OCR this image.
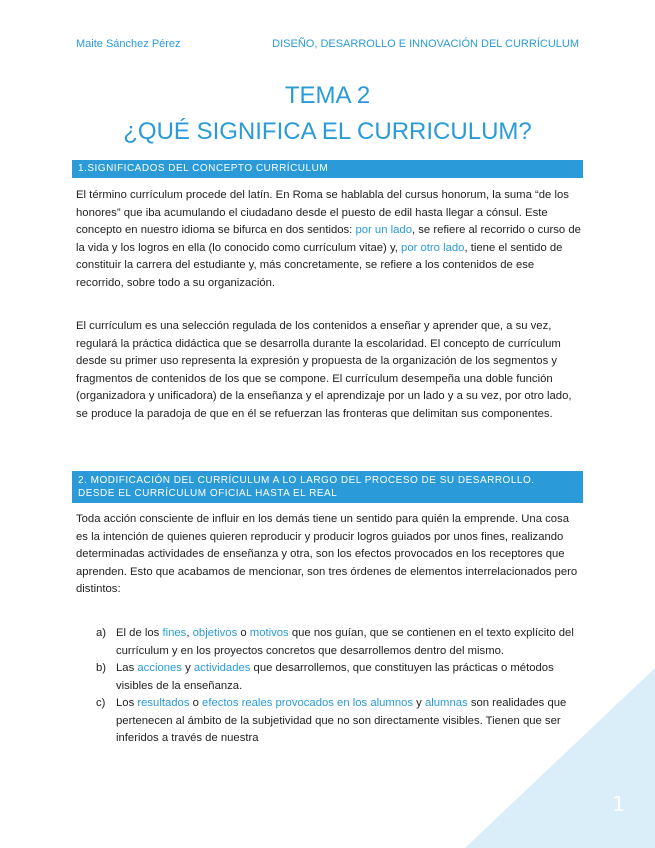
Maite Sánchez Pérez	DISEÑO, DESARROLLO E INNOVACIÓN DEL CURRÍCULUM
TEMA 2
¿QUÉ SIGNIFICA EL CURRICULUM?
1.SIGNIFICADOS DEL CONCEPTO CURRÍCULUM

El término currículum procede del latín. En Roma se hablabla del cursus honorum, la suma “de los honores” que iba acumulando el ciudadano desde el puesto de edil hasta llegar a cónsul. Este concepto en nuestro idioma se bifurca en dos sentidos: por un lado, se refiere al recorrido o curso de la vida y los logros en ella (lo conocido como currículum vitae) y, por otro lado, tiene el sentido de constituir la carrera del estudiante y, más concretamente, se refiere a los contenidos de ese recorrido, sobre todo a su organización.

El currículum es una selección regulada de los contenidos a enseñar y aprender que, a su vez, regulará la práctica didáctica que se desarrolla durante la escolaridad. El concepto de currículum desde su primer uso representa la expresión y propuesta de la organización de los segmentos y fragmentos de contenidos de los que se compone. El currículum desempeña una doble función (organizadora y unificadora) de la enseñanza y el aprendizaje por un lado y a su vez, por otro lado, se produce la paradoja de que en él se refuerzan las fronteras que delimitan sus componentes.

2. MODIFICACIÓN DEL CURRÍCULUM A LO LARGO DEL PROCESO DE SU DESARROLLO.
DESDE EL CURRÍCULUM OFICIAL HASTA EL REAL

Toda acción consciente de influir en los demás tiene un sentido para quién la emprende. Una cosa es la intención de quienes quieren reproducir y producir logros guiados por unos fines, realizando determinadas actividades de enseñanza y otra, son los efectos provocados en los receptores que aprenden. Esto que acabamos de mencionar, son tres órdenes de elementos interrelacionados pero distintos:

a) El de los fines, objetivos o motivos que nos guían, que se contienen en el texto explícito del currículum y en los proyectos concretos que desarrollemos dentro del mismo.
b) Las acciones y actividades que desarrollemos, que constituyen las prácticas o métodos visibles de la enseñanza.
c) Los resultados o efectos reales provocados en los alumnos y alumnas son realidades que pertenecen al ámbito de la subjetividad que no son directamente visibles. Tienen que ser inferidos a través de nuestra
1
